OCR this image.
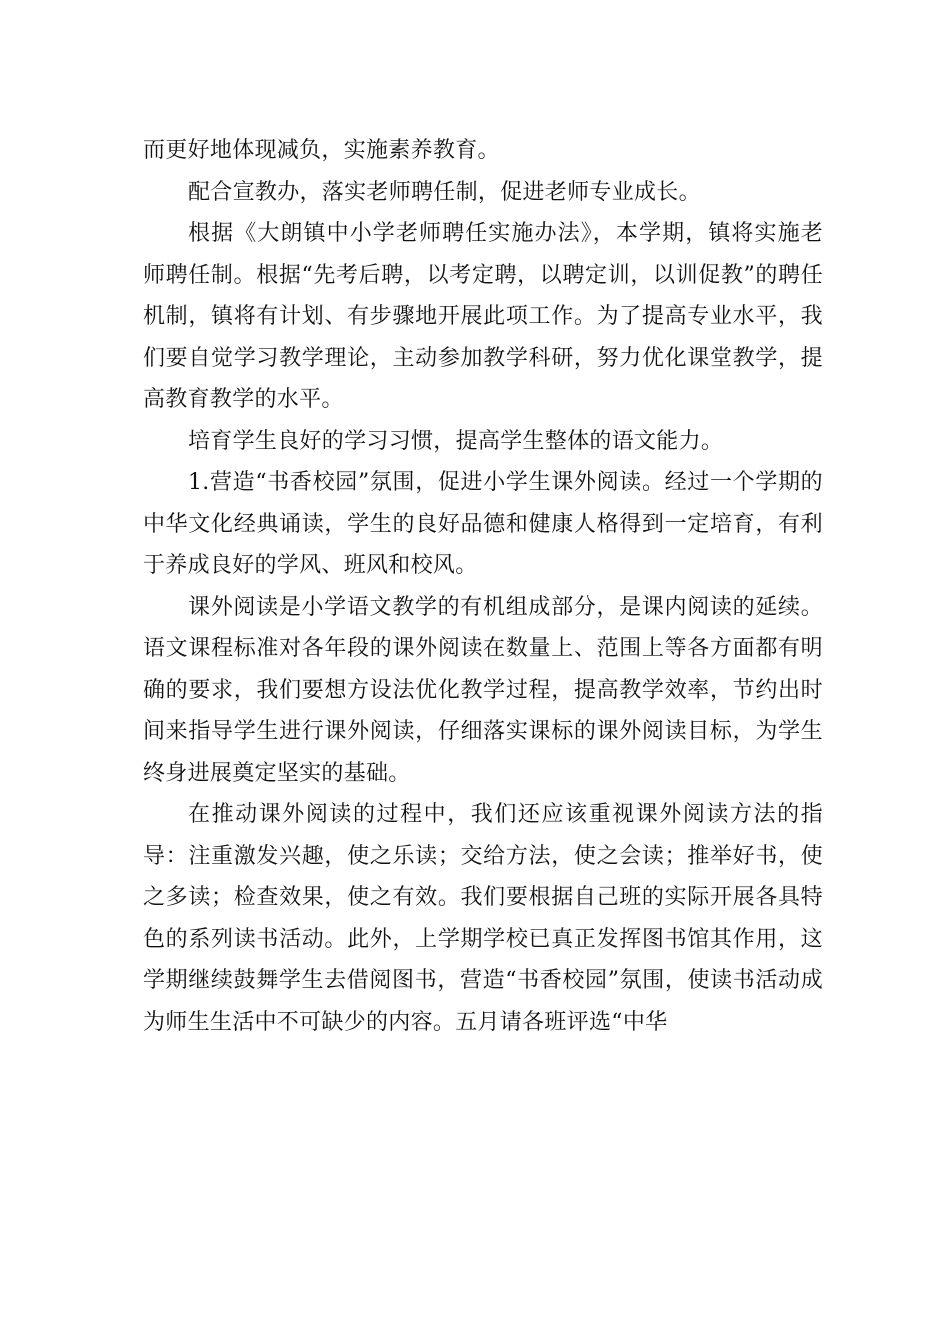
而更好地体现减负，实施素养教育。

配合宣教办，落实老师聘任制，促进老师专业成长。

根据《大朗镇中小学老师聘任实施办法》，本学期，镇将实施老师聘任制。根据“先考后聘，以考定聘，以聘定训，以训促教”的聘任机制，镇将有计划、有步骤地开展此项工作。为了提高专业水平，我们要自觉学习教学理论，主动参加教学科研，努力优化课堂教学，提高教育教学的水平。

培育学生良好的学习习惯，提高学生整体的语文能力。

1.营造“书香校园”氛围，促进小学生课外阅读。经过一个学期的中华文化经典诵读，学生的良好品德和健康人格得到一定培育，有利于养成良好的学风、班风和校风。

课外阅读是小学语文教学的有机组成部分，是课内阅读的延续。语文课程标准对各年段的课外阅读在数量上、范围上等各方面都有明确的要求，我们要想方设法优化教学过程，提高教学效率，节约出时间来指导学生进行课外阅读，仔细落实课标的课外阅读目标，为学生终身进展奠定坚实的基础。

在推动课外阅读的过程中，我们还应该重视课外阅读方法的指导：注重激发兴趣，使之乐读；交给方法，使之会读；推举好书，使之多读；检查效果，使之有效。我们要根据自己班的实际开展各具特色的系列读书活动。此外，上学期学校已真正发挥图书馆其作用，这学期继续鼓舞学生去借阅图书，营造“书香校园”氛围，使读书活动成为师生生活中不可缺少的内容。五月请各班评选“中华
